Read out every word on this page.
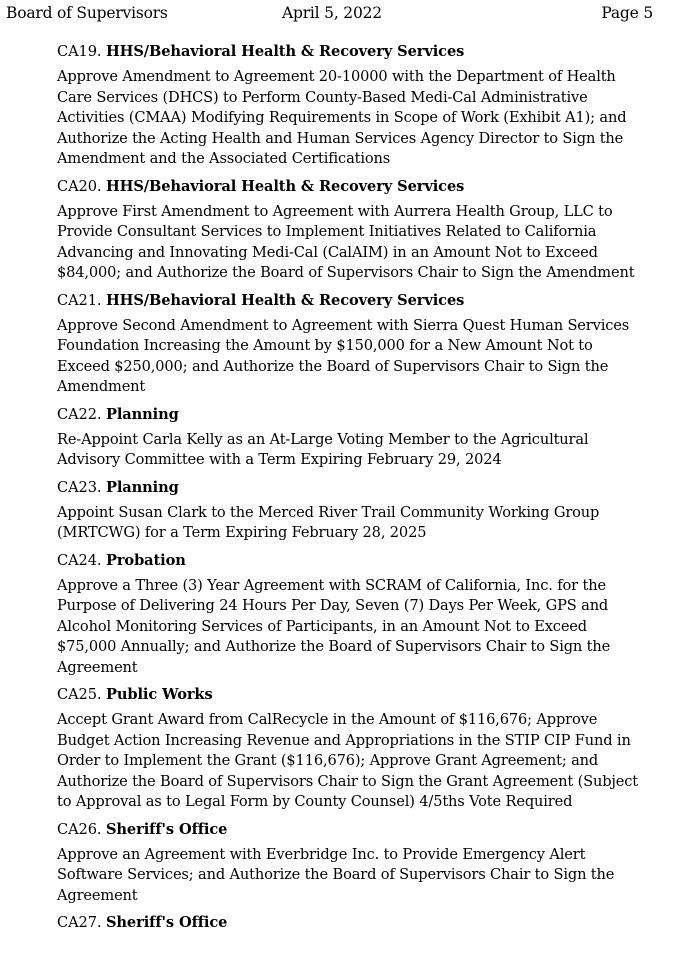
Board of Supervisors	April 5, 2022	Page 5
CA19. HHS/Behavioral Health & Recovery Services
Approve Amendment to Agreement 20-10000 with the Department of Health
Care Services (DHCS) to Perform County-Based Medi-Cal Administrative
Activities (CMAA) Modifying Requirements in Scope of Work (Exhibit A1); and
Authorize the Acting Health and Human Services Agency Director to Sign the
Amendment and the Associated Certifications
CA20. HHS/Behavioral Health & Recovery Services
Approve First Amendment to Agreement with Aurrera Health Group, LLC to
Provide Consultant Services to Implement Initiatives Related to California
Advancing and Innovating Medi-Cal (CalAIM) in an Amount Not to Exceed
$84,000; and Authorize the Board of Supervisors Chair to Sign the Amendment
CA21. HHS/Behavioral Health & Recovery Services
Approve Second Amendment to Agreement with Sierra Quest Human Services
Foundation Increasing the Amount by $150,000 for a New Amount Not to
Exceed $250,000; and Authorize the Board of Supervisors Chair to Sign the
Amendment
CA22. Planning
Re-Appoint Carla Kelly as an At-Large Voting Member to the Agricultural
Advisory Committee with a Term Expiring February 29, 2024
CA23. Planning
Appoint Susan Clark to the Merced River Trail Community Working Group
(MRTCWG) for a Term Expiring February 28, 2025
CA24. Probation
Approve a Three (3) Year Agreement with SCRAM of California, Inc. for the
Purpose of Delivering 24 Hours Per Day, Seven (7) Days Per Week, GPS and
Alcohol Monitoring Services of Participants, in an Amount Not to Exceed
$75,000 Annually; and Authorize the Board of Supervisors Chair to Sign the
Agreement
CA25. Public Works
Accept Grant Award from CalRecycle in the Amount of $116,676; Approve
Budget Action Increasing Revenue and Appropriations in the STIP CIP Fund in
Order to Implement the Grant ($116,676); Approve Grant Agreement; and
Authorize the Board of Supervisors Chair to Sign the Grant Agreement (Subject
to Approval as to Legal Form by County Counsel) 4/5ths Vote Required
CA26. Sheriff's Office
Approve an Agreement with Everbridge Inc. to Provide Emergency Alert
Software Services; and Authorize the Board of Supervisors Chair to Sign the
Agreement
CA27. Sheriff's Office
